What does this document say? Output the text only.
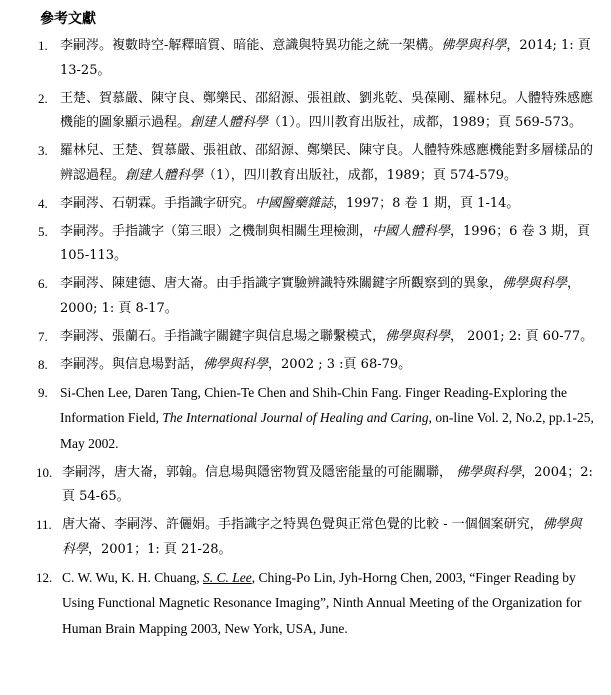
參考文獻
1. 李嗣涔。複數時空-解釋暗質、暗能、意識與特異功能之統一架構。佛學與科學，2014; 1: 頁 13-25。
2. 王楚、賀慕嚴、陳守良、鄭樂民、邵紹源、張祖啟、劉兆乾、吳葆剛、羅林兒。人體特殊感應機能的圖象顯示過程。創建人體科學（1）。四川教育出版社，成都，1989；頁 569-573。
3. 羅林兒、王楚、賀慕嚴、張祖啟、邵紹源、鄭樂民、陳守良。人體特殊感應機能對多層樣品的辨認過程。創建人體科學（1），四川教育出版社，成都，1989；頁 574-579。
4. 李嗣涔、石朝霖。手指識字研究。中國醫藥雜誌，1997；8 卷 1 期，頁 1-14。
5. 李嗣涔。手指識字（第三眼）之機制與相關生理檢測，中國人體科學，1996；6 卷 3 期，頁 105-113。
6. 李嗣涔、陳建德、唐大崙。由手指識字實驗辨識特殊關鍵字所觀察到的異象，佛學與科學，2000; 1: 頁 8-17。
7. 李嗣涔、張蘭石。手指識字關鍵字與信息場之聯繫模式，佛學與科學， 2001; 2: 頁 60-77。
8. 李嗣涔。與信息場對話，佛學與科學，2002 ; 3 :頁 68-79。
9. Si-Chen Lee, Daren Tang, Chien-Te Chen and Shih-Chin Fang. Finger Reading-Exploring the Information Field, The International Journal of Healing and Caring, on-line Vol. 2, No.2, pp.1-25, May 2002.
10. 李嗣涔，唐大崙，郭翰。信息場與隱密物質及隱密能量的可能關聯， 佛學與科學，2004；2:頁 54-65。
11. 唐大崙、李嗣涔、許儷娟。手指識字之特異色覺與正常色覺的比較 - 一個個案研究，佛學與科學，2001；1: 頁 21-28。
12. C. W. Wu, K. H. Chuang, S. C. Lee, Ching-Po Lin, Jyh-Horng Chen, 2003, “Finger Reading by Using Functional Magnetic Resonance Imaging”, Ninth Annual Meeting of the Organization for Human Brain Mapping 2003, New York, USA, June.
